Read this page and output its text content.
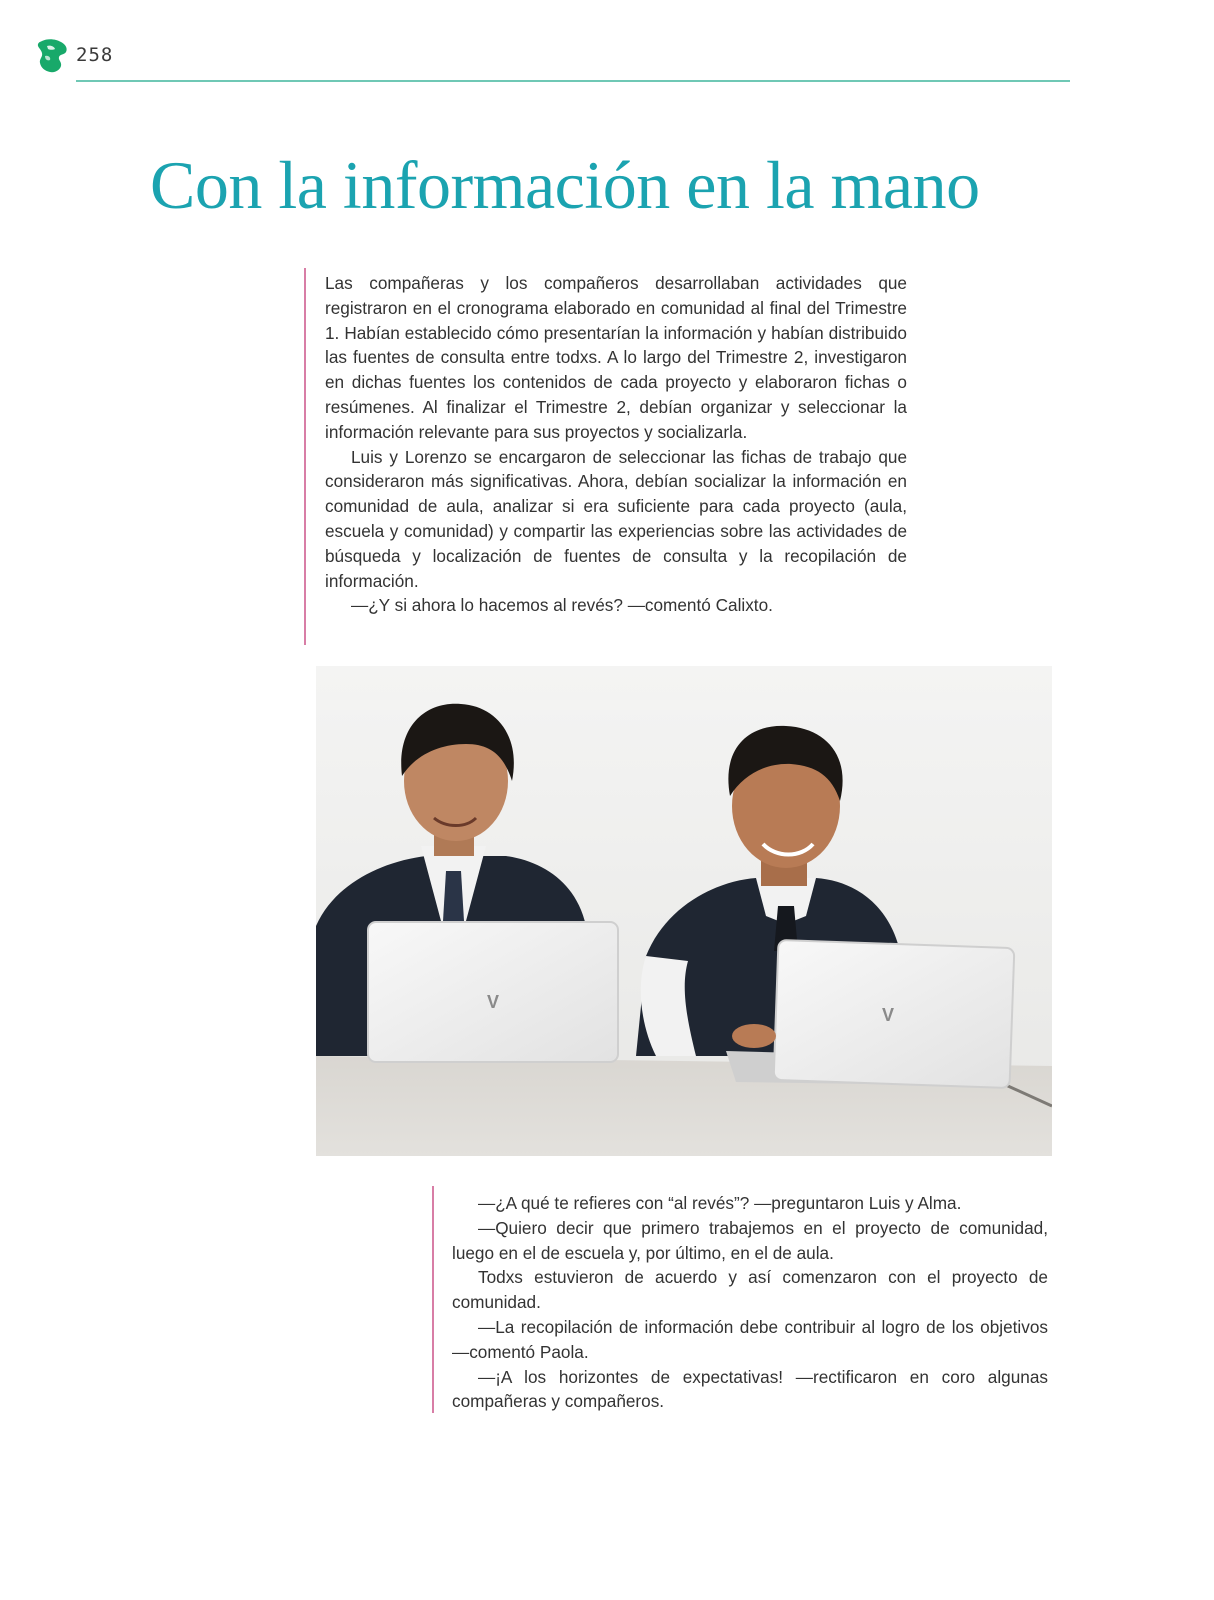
258
Con la información en la mano

Las compañeras y los compañeros desarrollaban actividades que registraron en el cronograma elaborado en comunidad al final del Trimestre 1. Habían establecido cómo presentarían la información y habían distribuido las fuentes de consulta entre todxs. A lo largo del Trimestre 2, investigaron en dichas fuentes los contenidos de cada proyecto y elaboraron fichas o resúmenes. Al finalizar el Trimestre 2, debían organizar y seleccionar la información relevante para sus proyectos y socializarla.

Luis y Lorenzo se encargaron de seleccionar las fichas de trabajo que consideraron más significativas. Ahora, debían socializar la información en comunidad de aula, analizar si era suficiente para cada proyecto (aula, escuela y comunidad) y compartir las experiencias sobre las actividades de búsqueda y localización de fuentes de consulta y la recopilación de información.

—¿Y si ahora lo hacemos al revés? —comentó Calixto.

V
V

—¿A qué te refieres con “al revés”? —preguntaron Luis y Alma.

—Quiero decir que primero trabajemos en el proyecto de comunidad, luego en el de escuela y, por último, en el de aula.

Todxs estuvieron de acuerdo y así comenzaron con el proyecto de comunidad.

—La recopilación de información debe contribuir al logro de los objetivos —comentó Paola.

—¡A los horizontes de expectativas! —rectificaron en coro algunas compañeras y compañeros.
